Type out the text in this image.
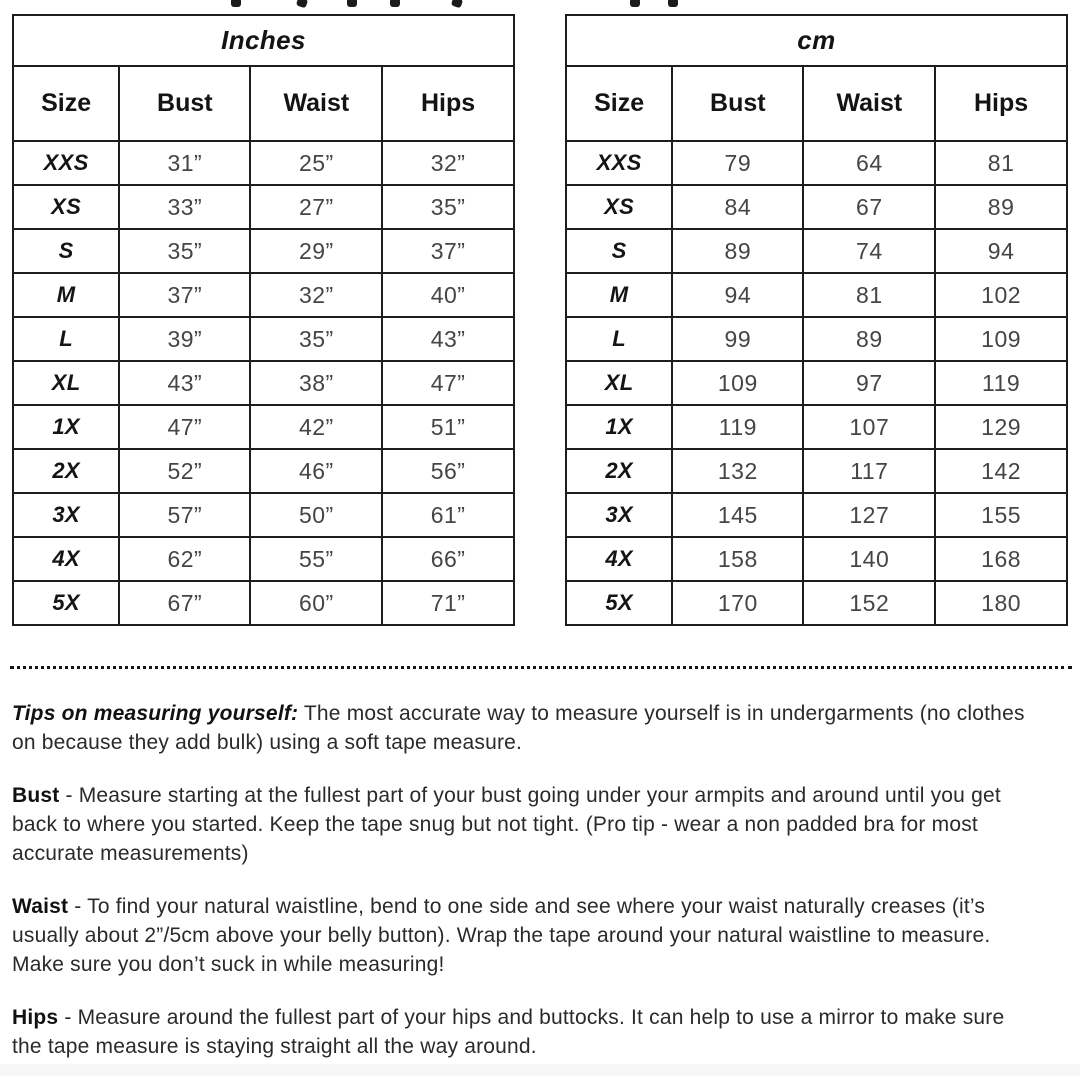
Inches			
Size	Bust	Waist	Hips
XXS	31”	25”	32”
XS	33”	27”	35”
S	35”	29”	37”
M	37”	32”	40”
L	39”	35”	43”
XL	43”	38”	47”
1X	47”	42”	51”
2X	52”	46”	56”
3X	57”	50”	61”
4X	62”	55”	66”
5X	67”	60”	71”
cm			
Size	Bust	Waist	Hips
XXS	79	64	81
XS	84	67	89
S	89	74	94
M	94	81	102
L	99	89	109
XL	109	97	119
1X	119	107	129
2X	132	117	142
3X	145	127	155
4X	158	140	168
5X	170	152	180

Tips on measuring yourself: The most accurate way to measure yourself is in undergarments (no clothes on because they add bulk) using a soft tape measure.

Bust - Measure starting at the fullest part of your bust going under your armpits and around until you get back to where you started. Keep the tape snug but not tight. (Pro tip - wear a non padded bra for most accurate measurements)

Waist - To find your natural waistline, bend to one side and see where your waist naturally creases (it’s usually about 2”/5cm above your belly button). Wrap the tape around your natural waistline to measure. Make sure you don’t suck in while measuring!

Hips - Measure around the fullest part of your hips and buttocks. It can help to use a mirror to make sure the tape measure is staying straight all the way around.
